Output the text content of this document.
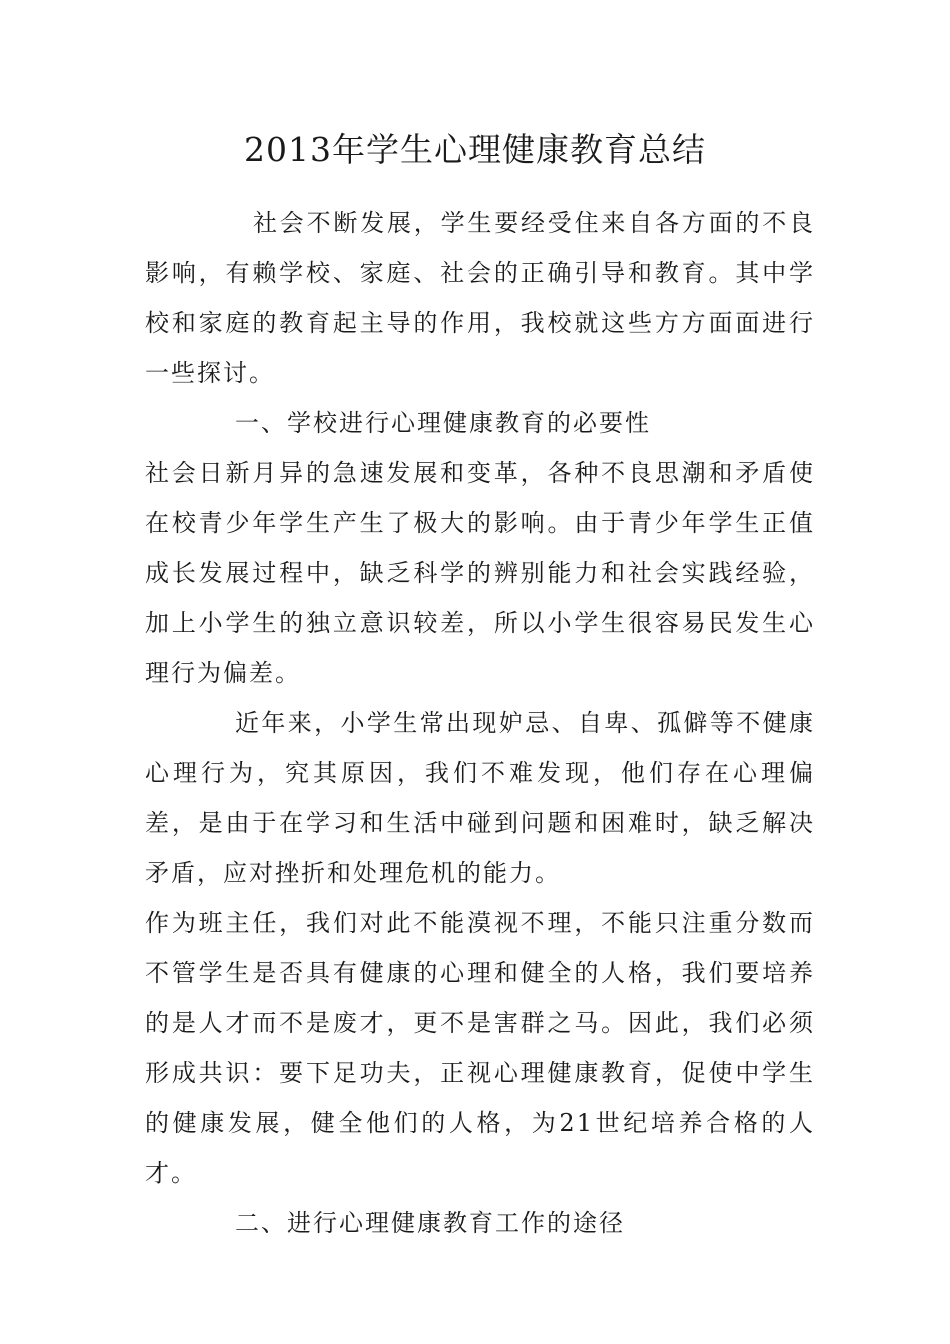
2013年学生心理健康教育总结

社会不断发展，学生要经受住来自各方面的不良影响，有赖学校、家庭、社会的正确引导和教育。其中学校和家庭的教育起主导的作用，我校就这些方方面面进行一些探讨。

一、学校进行心理健康教育的必要性

社会日新月异的急速发展和变革，各种不良思潮和矛盾使在校青少年学生产生了极大的影响。由于青少年学生正值成长发展过程中，缺乏科学的辨别能力和社会实践经验，加上小学生的独立意识较差，所以小学生很容易民发生心理行为偏差。

近年来，小学生常出现妒忌、自卑、孤僻等不健康心理行为，究其原因，我们不难发现，他们存在心理偏差，是由于在学习和生活中碰到问题和困难时，缺乏解决矛盾，应对挫折和处理危机的能力。

作为班主任，我们对此不能漠视不理，不能只注重分数而不管学生是否具有健康的心理和健全的人格，我们要培养的是人才而不是废才，更不是害群之马。因此，我们必须形成共识：要下足功夫，正视心理健康教育，促使中学生的健康发展，健全他们的人格，为21世纪培养合格的人才。

二、进行心理健康教育工作的途径
